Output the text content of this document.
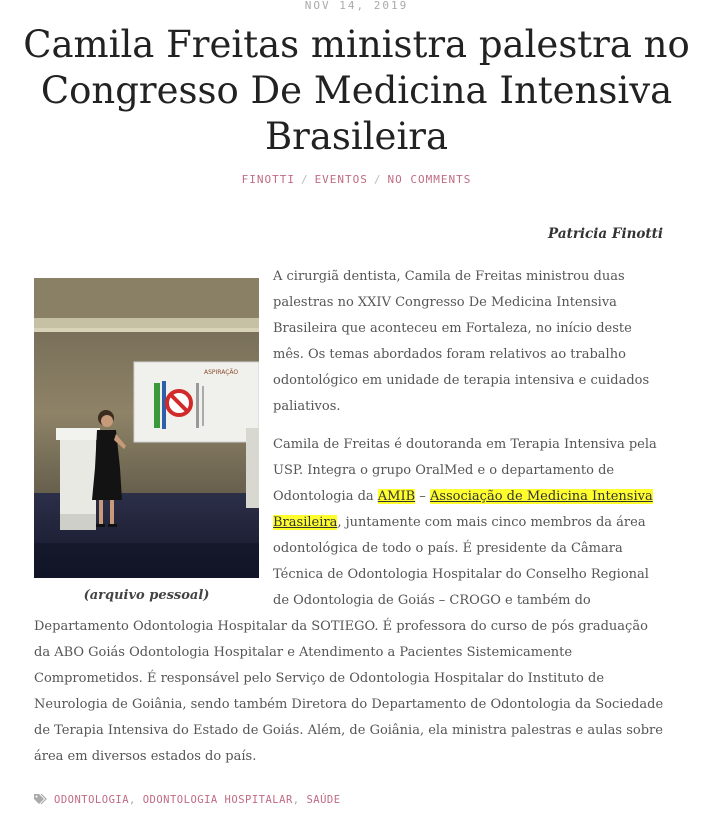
NOV 14, 2019
Camila Freitas ministra palestra no Congresso De Medicina Intensiva Brasileira
FINOTTI / EVENTOS / NO COMMENTS
Patricia Finotti
ASPIRAÇÃO
(arquivo pessoal)

A cirurgiã dentista, Camila de Freitas ministrou duas palestras no XXIV Congresso De Medicina Intensiva Brasileira que aconteceu em Fortaleza, no início deste mês. Os temas abordados foram relativos ao trabalho odontológico em unidade de terapia intensiva e cuidados paliativos.

Camila de Freitas é doutoranda em Terapia Intensiva pela USP. Integra o grupo OralMed e o departamento de Odontologia da AMIB – Associação de Medicina Intensiva Brasileira, juntamente com mais cinco membros da área odontológica de todo o país. É presidente da Câmara Técnica de Odontologia Hospitalar do Conselho Regional de Odontologia de Goiás – CROGO e também do Departamento Odontologia Hospitalar da SOTIEGO. É professora do curso de pós graduação da ABO Goiás Odontologia Hospitalar e Atendimento a Pacientes Sistemicamente Comprometidos. É responsável pelo Serviço de Odontologia Hospitalar do Instituto de Neurologia de Goiânia, sendo também Diretora do Departamento de Odontologia da Sociedade de Terapia Intensiva do Estado de Goiás. Além, de Goiânia, ela ministra palestras e aulas sobre área em diversos estados do país.

ODONTOLOGIA, ODONTOLOGIA HOSPITALAR, SAÚDE
